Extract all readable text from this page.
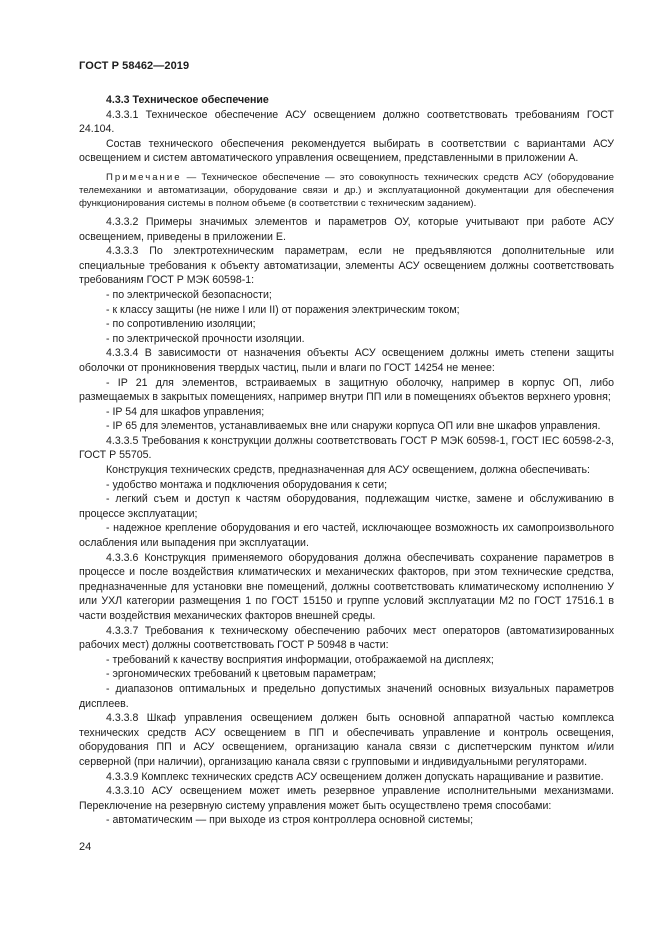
ГОСТ Р 58462—2019

4.3.3 Техническое обеспечение

4.3.3.1 Техническое обеспечение АСУ освещением должно соответствовать требованиям ГОСТ 24.104.

Состав технического обеспечения рекомендуется выбирать в соответствии с вариантами АСУ освещением и систем автоматического управления освещением, представленными в приложении А.

Примечание — Техническое обеспечение — это совокупность технических средств АСУ (оборудование телемеханики и автоматизации, оборудование связи и др.) и эксплуатационной документации для обеспечения функционирования системы в полном объеме (в соответствии с техническим заданием).

4.3.3.2 Примеры значимых элементов и параметров ОУ, которые учитывают при работе АСУ освещением, приведены в приложении Е.

4.3.3.3 По электротехническим параметрам, если не предъявляются дополнительные или специальные требования к объекту автоматизации, элементы АСУ освещением должны соответствовать требованиям ГОСТ Р МЭК 60598-1:

- по электрической безопасности;

- к классу защиты (не ниже I или II) от поражения электрическим током;

- по сопротивлению изоляции;

- по электрической прочности изоляции.

4.3.3.4 В зависимости от назначения объекты АСУ освещением должны иметь степени защиты оболочки от проникновения твердых частиц, пыли и влаги по ГОСТ 14254 не менее:

- IP 21 для элементов, встраиваемых в защитную оболочку, например в корпус ОП, либо размещаемых в закрытых помещениях, например внутри ПП или в помещениях объектов верхнего уровня;

- IP 54 для шкафов управления;

- IP 65 для элементов, устанавливаемых вне или снаружи корпуса ОП или вне шкафов управления.

4.3.3.5 Требования к конструкции должны соответствовать ГОСТ Р МЭК 60598-1, ГОСТ IEC 60598-2-3, ГОСТ Р 55705.

Конструкция технических средств, предназначенная для АСУ освещением, должна обеспечивать:

- удобство монтажа и подключения оборудования к сети;

- легкий съем и доступ к частям оборудования, подлежащим чистке, замене и обслуживанию в процессе эксплуатации;

- надежное крепление оборудования и его частей, исключающее возможность их самопроизвольного ослабления или выпадения при эксплуатации.

4.3.3.6 Конструкция применяемого оборудования должна обеспечивать сохранение параметров в процессе и после воздействия климатических и механических факторов, при этом технические средства, предназначенные для установки вне помещений, должны соответствовать климатическому исполнению У или УХЛ категории размещения 1 по ГОСТ 15150 и группе условий эксплуатации М2 по ГОСТ 17516.1 в части воздействия механических факторов внешней среды.

4.3.3.7 Требования к техническому обеспечению рабочих мест операторов (автоматизированных рабочих мест) должны соответствовать ГОСТ Р 50948 в части:

- требований к качеству восприятия информации, отображаемой на дисплеях;

- эргономических требований к цветовым параметрам;

- диапазонов оптимальных и предельно допустимых значений основных визуальных параметров дисплеев.

4.3.3.8 Шкаф управления освещением должен быть основной аппаратной частью комплекса технических средств АСУ освещением в ПП и обеспечивать управление и контроль освещения, оборудования ПП и АСУ освещением, организацию канала связи с диспетчерским пунктом и/или серверной (при наличии), организацию канала связи с групповыми и индивидуальными регуляторами.

4.3.3.9 Комплекс технических средств АСУ освещением должен допускать наращивание и развитие.

4.3.3.10 АСУ освещением может иметь резервное управление исполнительными механизмами. Переключение на резервную систему управления может быть осуществлено тремя способами:

- автоматическим — при выходе из строя контроллера основной системы;

24
